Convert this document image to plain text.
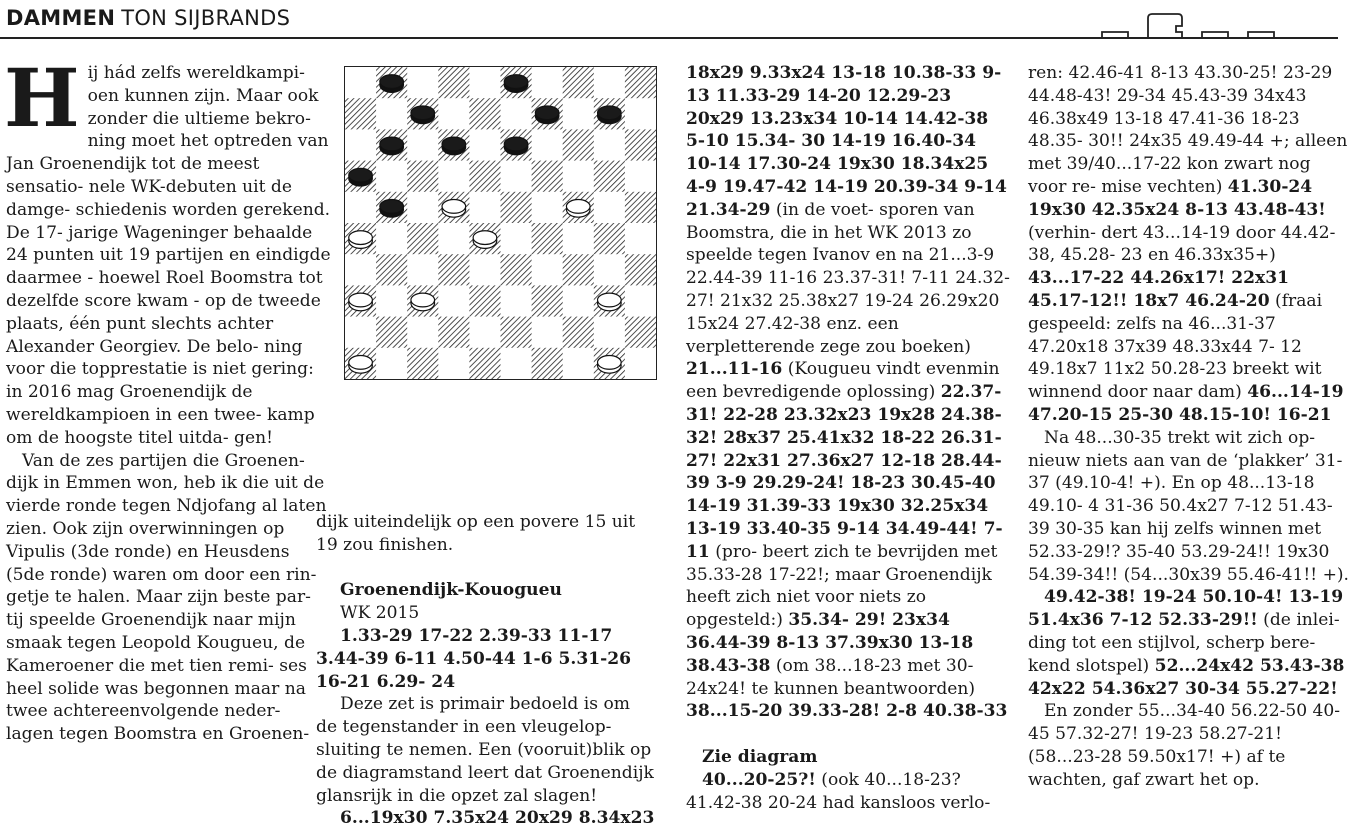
DAMMEN TON SIJBRANDS
H ij hád zelfs wereldkampi-

oen kunnen zijn. Maar ook

zonder die ultieme bekro-

ning moet het optreden van Jan Groenendijk tot de meest sensatio- nele WK-debuten uit de damge- schiedenis worden gerekend. De 17- jarige Wageninger behaalde 24 punten uit 19 partijen en eindigde daarmee - hoewel Roel Boomstra tot dezelfde score kwam - op de tweede plaats, één punt slechts achter Alexander Georgiev. De belo- ning voor die topprestatie is niet gering: in 2016 mag Groenendijk de wereldkampioen in een twee- kamp om de hoogste titel uitda- gen!

Van de zes partijen die Groenen- dijk in Emmen won, heb ik die uit de vierde ronde tegen Ndjofang al laten zien. Ook zijn overwinningen op Vipulis (3de ronde) en Heusdens (5de ronde) waren om door een rin- getje te halen. Maar zijn beste par- tij speelde Groenendijk naar mijn smaak tegen Leopold Kougueu, de Kameroener die met tien remi- ses heel solide was begonnen maar na twee achtereenvolgende neder- lagen tegen Boomstra en Groenen-

dijk uiteindelijk op een povere 15 uit 19 zou finishen.

Groenendijk-Kouogueu

WK 2015

1.33-29 17-22 2.39-33 11-17 3.44-39 6-11 4.50-44 1-6 5.31-26 16-21 6.29- 24

Deze zet is primair bedoeld is om de tegenstander in een vleugelop- sluiting te nemen. Een (vooruit)blik op de diagramstand leert dat Groenendijk glansrijk in die opzet zal slagen!

6...19x30 7.35x24 20x29 8.34x23

18x29 9.33x24 13-18 10.38-33 9-13 11.33-29 14-20 12.29-23 20x29 13.23x34 10-14 14.42-38 5-10 15.34- 30 14-19 16.40-34 10-14 17.30-24 19x30 18.34x25 4-9 19.47-42 14-19 20.39-34 9-14 21.34-29 (in de voet- sporen van Boomstra, die in het WK 2013 zo speelde tegen Ivanov en na 21...3-9 22.44-39 11-16 23.37-31! 7-11 24.32-27! 21x32 25.38x27 19-24 26.29x20 15x24 27.42-38 enz. een verpletterende zege zou boeken) 21...11-16 (Kougueu vindt evenmin een bevredigende oplossing) 22.37- 31! 22-28 23.32x23 19x28 24.38-32! 28x37 25.41x32 18-22 26.31-27! 22x31 27.36x27 12-18 28.44-39 3-9 29.29-24! 18-23 30.45-40 14-19 31.39-33 19x30 32.25x34 13-19 33.40-35 9-14 34.49-44! 7-11 (pro- beert zich te bevrijden met 35.33-28 17-22!; maar Groenendijk heeft zich niet voor niets zo opgesteld:) 35.34- 29! 23x34 36.44-39 8-13 37.39x30 13-18 38.43-38 (om 38...18-23 met 30- 24x24! te kunnen beantwoorden) 38...15-20 39.33-28! 2-8 40.38-33

Zie diagram

40...20-25?! (ook 40...18-23? 41.42-38 20-24 had kansloos verlo-

ren: 42.46-41 8-13 43.30-25! 23-29 44.48-43! 29-34 45.43-39 34x43 46.38x49 13-18 47.41-36 18-23 48.35- 30!! 24x35 49.49-44 +; alleen met 39/40...17-22 kon zwart nog voor re- mise vechten) 41.30-24 19x30 42.35x24 8-13 43.48-43! (verhin- dert 43...14-19 door 44.42-38, 45.28- 23 en 46.33x35+) 43...17-22 44.26x17! 22x31 45.17-12!! 18x7 46.24-20 (fraai gespeeld: zelfs na 46...31-37 47.20x18 37x39 48.33x44 7- 12 49.18x7 11x2 50.28-23 breekt wit winnend door naar dam) 46...14-19 47.20-15 25-30 48.15-10! 16-21

Na 48...30-35 trekt wit zich op- nieuw niets aan van de ‘plakker’ 31- 37 (49.10-4! +). En op 48...13-18 49.10- 4 31-36 50.4x27 7-12 51.43-39 30-35 kan hij zelfs winnen met 52.33-29!? 35-40 53.29-24!! 19x30 54.39-34!! (54...30x39 55.46-41!! +).

49.42-38! 19-24 50.10-4! 13-19 51.4x36 7-12 52.33-29!! (de inlei- ding tot een stijlvol, scherp bere- kend slotspel) 52...24x42 53.43-38 42x22 54.36x27 30-34 55.27-22!

En zonder 55...34-40 56.22-50 40- 45 57.32-27! 19-23 58.27-21! (58...23-28 59.50x17! +) af te wachten, gaf zwart het op.
